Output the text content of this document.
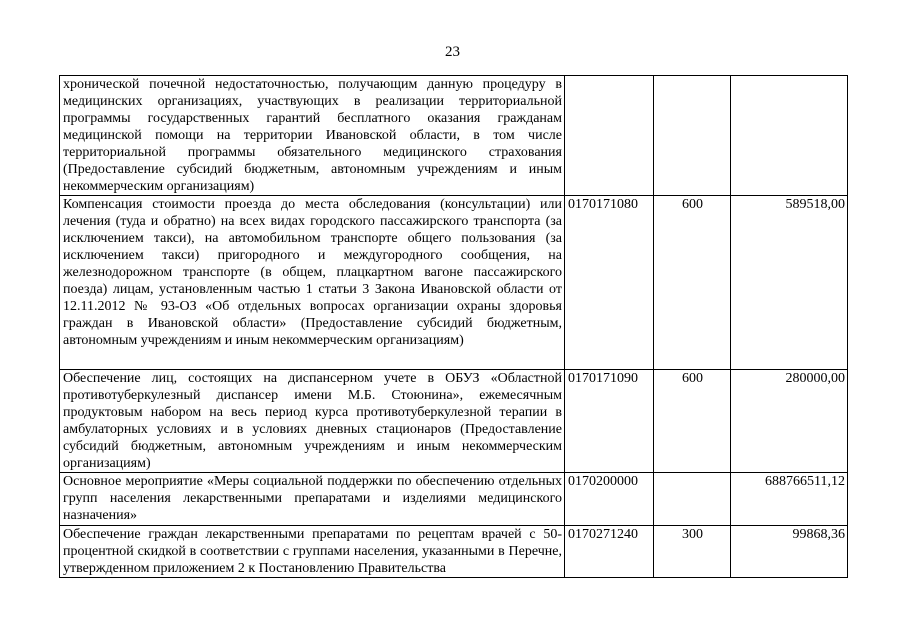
23
хронической почечной недостаточностью, получающим данную процедуру в медицинских организациях, участвующих в реализации территориальной программы государственных гарантий бесплатного оказания гражданам медицинской помощи на территории Ивановской области, в том числе территориальной программы обязательного медицинского страхования (Предоставление субсидий бюджетным, автономным учреждениям и иным некоммерческим организациям)			
Компенсация стоимости проезда до места обследования (консультации) или лечения (туда и обратно) на всех видах городского пассажирского транспорта (за исключением такси), на автомобильном транспорте общего пользования (за исключением такси) пригородного и междугородного сообщения, на железнодорожном транспорте (в общем, плацкартном вагоне пассажирского поезда) лицам, установленным частью 1 статьи 3 Закона Ивановской области от 12.11.2012 № 93-ОЗ «Об отдельных вопросах организации охраны здоровья граждан в Ивановской области» (Предоставление субсидий бюджетным, автономным учреждениям и иным некоммерческим организациям)	0170171080	600	589518,00
Обеспечение лиц, состоящих на диспансерном учете в ОБУЗ «Областной противотуберкулезный диспансер имени М.Б. Стоюнина», ежемесячным продуктовым набором на весь период курса противотуберкулезной терапии в амбулаторных условиях и в условиях дневных стационаров (Предоставление субсидий бюджетным, автономным учреждениям и иным некоммерческим организациям)	0170171090	600	280000,00
Основное мероприятие «Меры социальной поддержки по обеспечению отдельных групп населения лекарственными препаратами и изделиями медицинского назначения»	0170200000		688766511,12
Обеспечение граждан лекарственными препаратами по рецептам врачей с 50-процентной скидкой в соответствии с группами населения, указанными в Перечне, утвержденном приложением 2 к Постановлению Правительства	0170271240	300	99868,36
